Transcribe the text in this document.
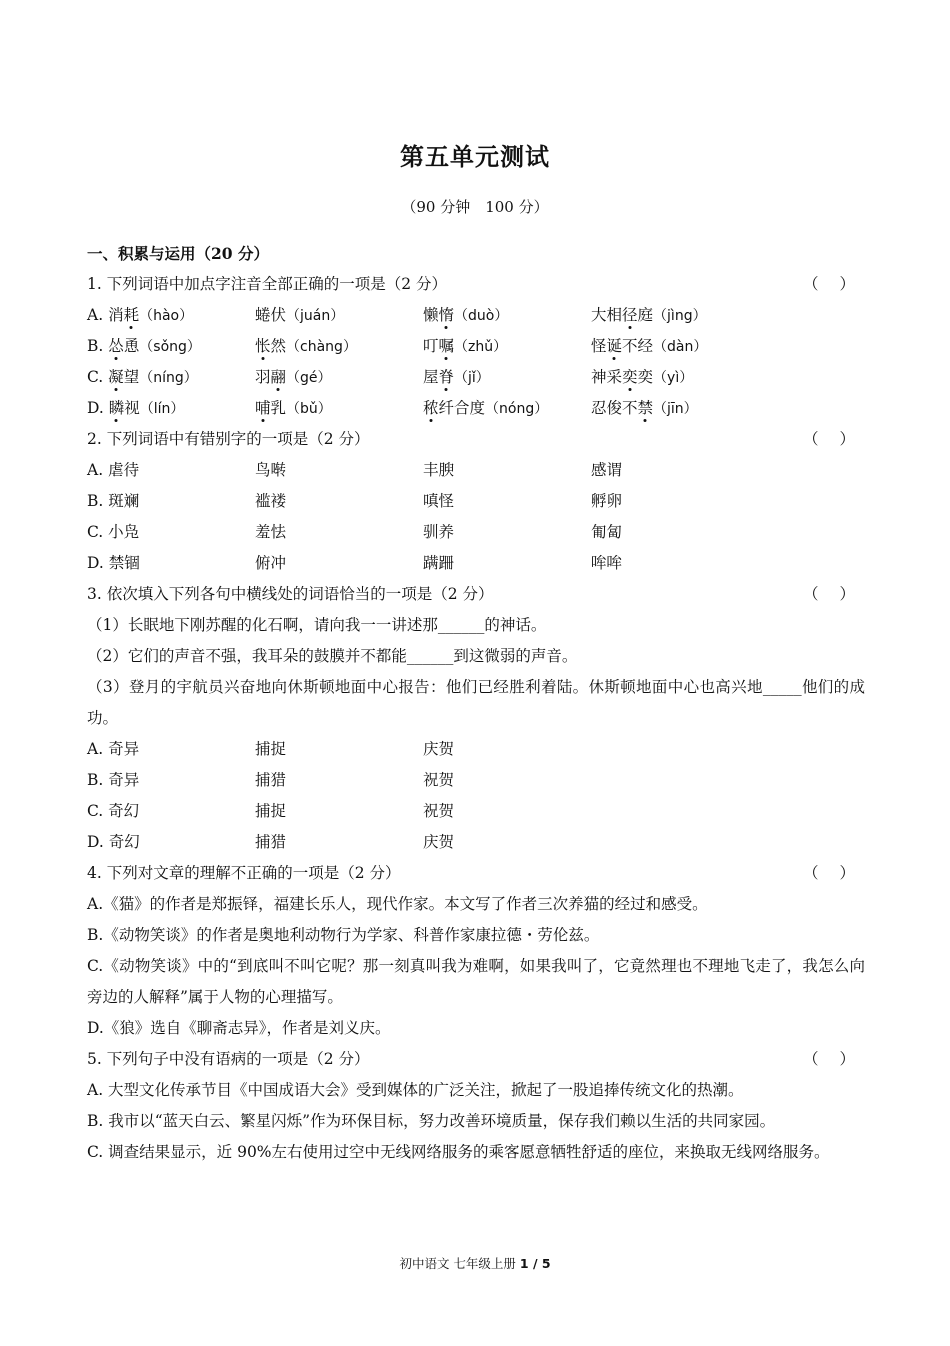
第五单元测试
（90 分钟　100 分）
一、积累与运用（20 分）
1. 下列词语中加点字注音全部正确的一项是（2 分）	（ ）
A. 消耗（hào）	蜷伏（juán）	懒惰（duò）	大相径庭（jìng）
B. 怂恿（sǒng）	怅然（chàng）	叮嘱（zhǔ）	怪诞不经（dàn）
C. 凝望（níng）	羽翮（gé）	屋脊（jǐ）	神采奕奕（yì）
D. 瞵视（lín）	哺乳（bǔ）	秾纤合度（nóng）	忍俊不禁（jīn）
2. 下列词语中有错别字的一项是（2 分）	（ ）
A. 虐待	鸟啭	丰腴	感谓
B. 斑斓	褴褛	嗔怪	孵卵
C. 小凫	羞怯	驯养	匍匐
D. 禁锢	俯冲	蹒跚	哞哞
3. 依次填入下列各句中横线处的词语恰当的一项是（2 分）	（ ）
（1）长眠地下刚苏醒的化石啊，请向我一一讲述那______的神话。
（2）它们的声音不强，我耳朵的鼓膜并不都能______到这微弱的声音。
（3）登月的宇航员兴奋地向休斯顿地面中心报告：他们已经胜利着陆。休斯顿地面中心也高兴地_____他们的成功。
A. 奇异	捕捉	庆贺
B. 奇异	捕猎	祝贺
C. 奇幻	捕捉	祝贺
D. 奇幻	捕猎	庆贺
4. 下列对文章的理解不正确的一项是（2 分）	（ ）
A.《猫》的作者是郑振铎，福建长乐人，现代作家。本文写了作者三次养猫的经过和感受。
B.《动物笑谈》的作者是奥地利动物行为学家、科普作家康拉德・劳伦兹。
C.《动物笑谈》中的“到底叫不叫它呢？那一刻真叫我为难啊，如果我叫了，它竟然理也不理地飞走了，我怎么向旁边的人解释”属于人物的心理描写。
D.《狼》选自《聊斋志异》，作者是刘义庆。
5. 下列句子中没有语病的一项是（2 分）	（ ）
A. 大型文化传承节目《中国成语大会》受到媒体的广泛关注，掀起了一股追捧传统文化的热潮。
B. 我市以“蓝天白云、繁星闪烁”作为环保目标，努力改善环境质量，保存我们赖以生活的共同家园。
C. 调查结果显示，近 90%左右使用过空中无线网络服务的乘客愿意牺牲舒适的座位，来换取无线网络服务。
初中语文 七年级上册 1 / 5
